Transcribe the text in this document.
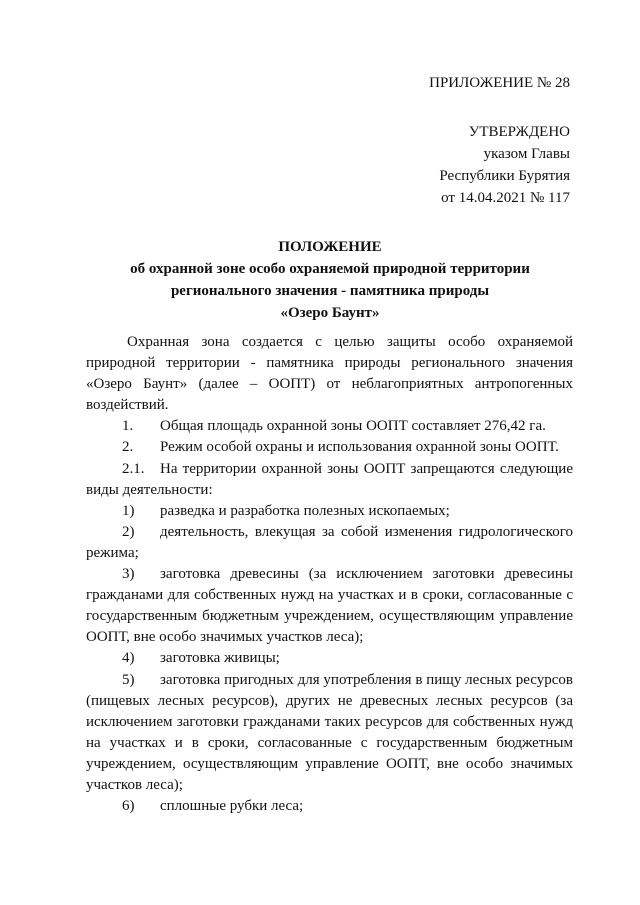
ПРИЛОЖЕНИЕ № 28
УТВЕРЖДЕНО
указом Главы
Республики Бурятия
от 14.04.2021 № 117
ПОЛОЖЕНИЕ
об охранной зоне особо охраняемой природной территории
регионального значения - памятника природы
«Озеро Баунт»

Охранная зона создается с целью защиты особо охраняемой природной территории - памятника природы регионального значения «Озеро Баунт» (далее – ООПТ) от неблагоприятных антропогенных воздействий.

1. Общая площадь охранной зоны ООПТ составляет 276,42 га.

2. Режим особой охраны и использования охранной зоны ООПТ.

2.1. На территории охранной зоны ООПТ запрещаются следующие виды деятельности:

1) разведка и разработка полезных ископаемых;

2) деятельность, влекущая за собой изменения гидрологического режима;

3) заготовка древесины (за исключением заготовки древесины гражданами для собственных нужд на участках и в сроки, согласованные с государственным бюджетным учреждением, осуществляющим управление ООПТ, вне особо значимых участков леса);

4) заготовка живицы;

5) заготовка пригодных для употребления в пищу лесных ресурсов (пищевых лесных ресурсов), других не древесных лесных ресурсов (за исключением заготовки гражданами таких ресурсов для собственных нужд на участках и в сроки, согласованные с государственным бюджетным учреждением, осуществляющим управление ООПТ, вне особо значимых участков леса);

6) сплошные рубки леса;
